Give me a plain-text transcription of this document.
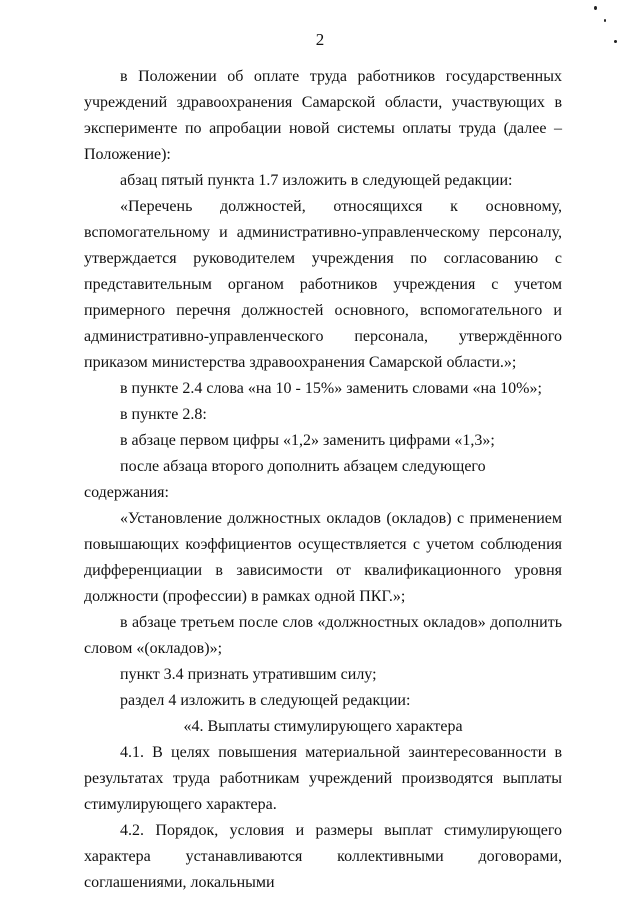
2

в Положении об оплате труда работников государственных учреждений здравоохранения Самарской области, участвующих в эксперименте по апробации новой системы оплаты труда (далее – Положение):

абзац пятый пункта 1.7 изложить в следующей редакции:

«Перечень должностей, относящихся к основному, вспомогательному и административно-управленческому персоналу, утверждается руководителем учреждения по согласованию с представительным органом работников учреждения с учетом примерного перечня должностей основного, вспомогательного и административно-управленческого персонала, утверждённого приказом министерства здравоохранения Самарской области.»;

в пункте 2.4 слова «на 10 - 15%» заменить словами «на 10%»;

в пункте 2.8:

в абзаце первом цифры «1,2» заменить цифрами «1,3»;

после абзаца второго дополнить абзацем следующего содержания:

«Установление должностных окладов (окладов) с применением повышающих коэффициентов осуществляется с учетом соблюдения дифференциации в зависимости от квалификационного уровня должности (профессии) в рамках одной ПКГ.»;

в абзаце третьем после слов «должностных окладов» дополнить словом «(окладов)»;

пункт 3.4 признать утратившим силу;

раздел 4 изложить в следующей редакции:

«4. Выплаты стимулирующего характера

4.1. В целях повышения материальной заинтересованности в результатах труда работникам учреждений производятся выплаты стимулирующего характера.

4.2. Порядок, условия и размеры выплат стимулирующего характера устанавливаются коллективными договорами, соглашениями, локальными
